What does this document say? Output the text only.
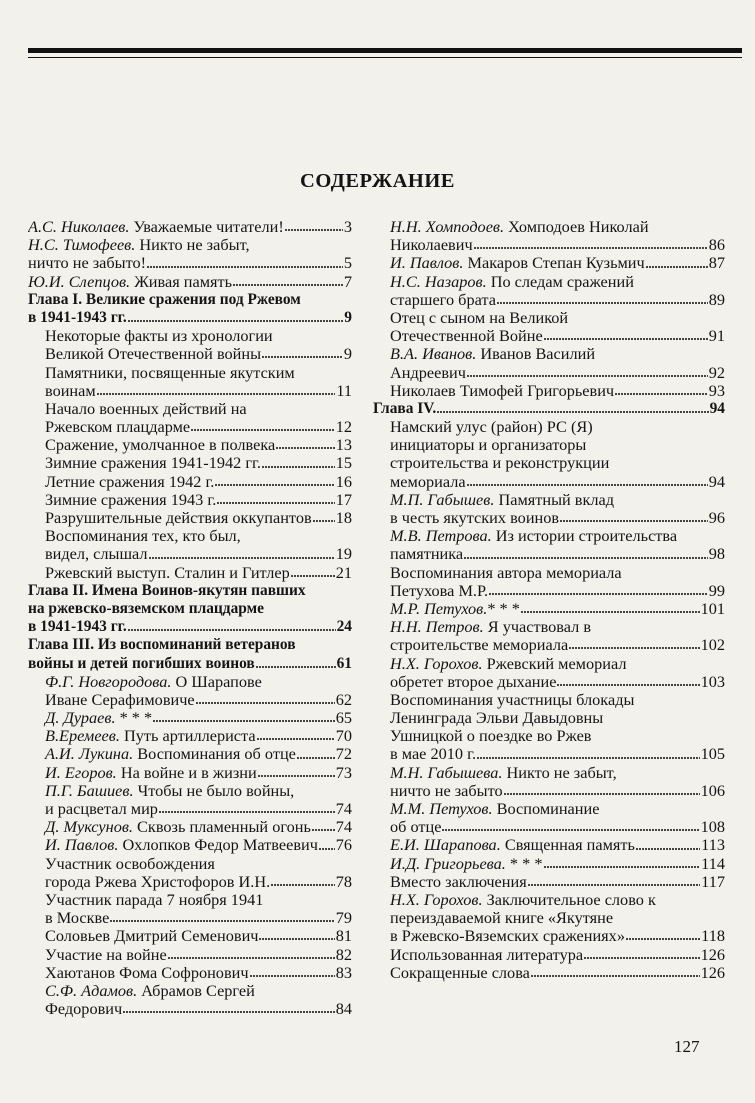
СОДЕРЖАНИЕ
А.С. Николаев. Уважаемые читатели!	3
Н.С. Тимофеев. Никто не забыт,
ничто не забыто!	5
Ю.И. Слепцов. Живая память	7
Глава I. Великие сражения под Ржевом
в 1941-1943 гг.	9
Некоторые факты из хронологии
Великой Отечественной войны	9
Памятники, посвященные якутским
воинам	11
Начало военных действий на
Ржевском плацдарме	12
Сражение, умолчанное в полвека	13
Зимние сражения 1941-1942 гг.	15
Летние сражения 1942 г.	16
Зимние сражения 1943 г.	17
Разрушительные действия оккупантов 18
Воспоминания тех, кто был,
видел, слышал	19
Ржевский выступ. Сталин и Гитлер	21
Глава II. Имена Воинов-якутян павших
на ржевско-вяземском плацдарме
в 1941-1943 гг.	24
Глава III. Из воспоминаний ветеранов
войны и детей погибших воинов	61
Ф.Г. Новгородова. О Шарапове
Иване Серафимовиче	62
Д. Дураев. * * *	65
В.Еремеев. Путь артиллериста	70
А.И. Лукина. Воспоминания об отце 72
И. Егоров. На войне и в жизни	73
П.Г. Башиев. Чтобы не было войны,
и расцветал мир	74
Д. Муксунов. Сквозь пламенный огонь 74
И. Павлов. Охлопков Федор Матвеевич 76
Участник освобождения
города Ржева Христофоров И.Н.	78
Участник парада 7 ноября 1941
в Москве	79
Соловьев Дмитрий Семенович	81
Участие на войне	82
Хаютанов Фома Софронович	83
С.Ф. Адамов. Абрамов Сергей
Федорович	84
Н.Н. Хомподоев. Хомподоев Николай
Николаевич	86
И. Павлов. Макаров Степан Кузьмич	87
Н.С. Назаров. По следам сражений
старшего брата	89
Отец с сыном на Великой
Отечественной Войне	91
В.А. Иванов. Иванов Василий
Андреевич	92
Николаев Тимофей Григорьевич	93
Глава IV.	94
Намский улус (район) РС (Я)
инициаторы и организаторы
строительства и реконструкции
мемориала	94
М.П. Габышев. Памятный вклад
в честь якутских воинов	96
М.В. Петрова. Из истории строительства
памятника	98
Воспоминания автора мемориала
Петухова М.Р.	99
М.Р. Петухов. * * *	101
Н.Н. Петров. Я участвовал в
строительстве мемориала	102
Н.Х. Горохов. Ржевский мемориал
обретет второе дыхание	103
Воспоминания участницы блокады
Ленинграда Эльви Давыдовны
Ушницкой о поездке во Ржев
в мае 2010 г.	105
М.Н. Габышева. Никто не забыт,
ничто не забыто	106
М.М. Петухов. Воспоминание
об отце	108
Е.И. Шарапова. Священная память	113
И.Д. Григорьева. * * *	114
Вместо заключения	117
Н.Х. Горохов. Заключительное слово к
переиздаваемой книге «Якутяне
в Ржевско-Вяземских сражениях»	118
Использованная литература	126
Сокращенные слова	126
127
